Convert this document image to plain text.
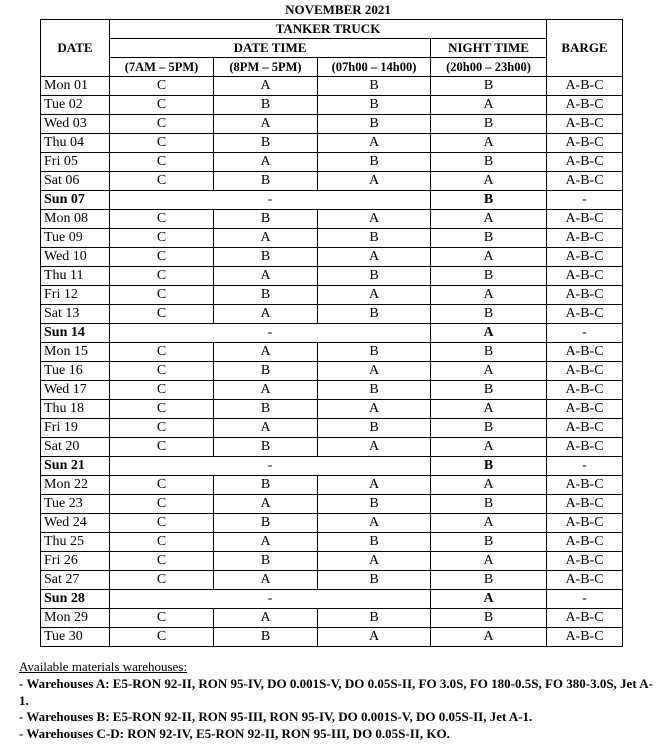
NOVEMBER 2021
DATE	TANKER TRUCK				BARGE
	DATE TIME			NIGHT TIME	
	(7AM – 5PM)	(8PM – 5PM)	(07h00 – 14h00)	(20h00 – 23h00)	
Mon 01	C	A	B	B	A-B-C
Tue 02	C	B	B	A	A-B-C
Wed 03	C	A	B	B	A-B-C
Thu 04	C	B	A	A	A-B-C
Fri 05	C	A	B	B	A-B-C
Sat 06	C	B	A	A	A-B-C
Sun 07	-			B	-
Mon 08	C	B	A	A	A-B-C
Tue 09	C	A	B	B	A-B-C
Wed 10	C	B	A	A	A-B-C
Thu 11	C	A	B	B	A-B-C
Fri 12	C	B	A	A	A-B-C
Sat 13	C	A	B	B	A-B-C
Sun 14	-			A	-
Mon 15	C	A	B	B	A-B-C
Tue 16	C	B	A	A	A-B-C
Wed 17	C	A	B	B	A-B-C
Thu 18	C	B	A	A	A-B-C
Fri 19	C	A	B	B	A-B-C
Sat 20	C	B	A	A	A-B-C
Sun 21	-			B	-
Mon 22	C	B	A	A	A-B-C
Tue 23	C	A	B	B	A-B-C
Wed 24	C	B	A	A	A-B-C
Thu 25	C	A	B	B	A-B-C
Fri 26	C	B	A	A	A-B-C
Sat 27	C	A	B	B	A-B-C
Sun 28	-			A	-
Mon 29	C	A	B	B	A-B-C
Tue 30	C	B	A	A	A-B-C
Available materials warehouses:
- Warehouses A: E5-RON 92-II, RON 95-IV, DO 0.001S-V, DO 0.05S-II, FO 3.0S, FO 180-0.5S, FO 380-3.0S, Jet A-1.
- Warehouses B: E5-RON 92-II, RON 95-III, RON 95-IV, DO 0.001S-V, DO 0.05S-II, Jet A-1.
- Warehouses C-D: RON 92-IV, E5-RON 92-II, RON 95-III, DO 0.05S-II, KO.
